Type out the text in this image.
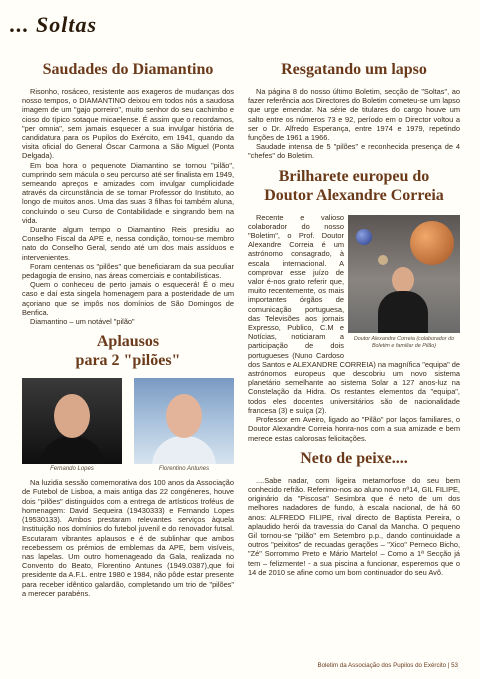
... Soltas
Saudades do Diamantino

Risonho, rosáceo, resistente aos exageros de mudanças dos nosso tempos, o DIAMANTINO deixou em todos nós a saudosa imagem de um "gajo porreiro", muito senhor do seu cachimbo e cioso do típico sotaque micaelense. É assim que o recordamos, "per omnia", sem jamais esquecer a sua invulgar história de candidatura para os Pupilos do Exército, em 1941, quando da visita oficial do General Óscar Carmona a São Miguel (Ponta Delgada).

Em boa hora o pequenote Diamantino se tornou "pilão", cumprindo sem mácula o seu percurso até ser finalista em 1949, semeando apreços e amizades com invulgar cumplicidade através da circunstância de se tornar Professor do Instituto, ao longo de muitos anos. Uma das suas 3 filhas foi também aluna, concluindo o seu Curso de Contabilidade e singrando bem na vida.

Durante algum tempo o Diamantino Reis presidiu ao Conselho Fiscal da APE e, nessa condição, tornou-se membro nato do Conselho Geral, sendo até um dos mais assíduos e intervenientes.

Foram centenas os "pilões" que beneficiaram da sua peculiar pedagogia de ensino, nas áreas comerciais e contabilísticas.

Quem o conheceu de perto jamais o esquecerá! É o meu caso e daí esta singela homenagem para a posteridade de um açoriano que se impôs nos domínios de São Domingos de Benfica.

Diamantino – um notável "pilão"

Aplausos
para 2 "pilões"
Fernando Lopes	Florentino Antunes

Na luzidia sessão comemorativa dos 100 anos da Associação de Futebol de Lisboa, a mais antiga das 22 congéneres, houve dois "pilões" distinguidos com a entrega de artísticos troféus de homenagem: David Sequeira (19430333) e Fernando Lopes (19530133). Ambos prestaram relevantes serviços àquela Instituição nos domínios do futebol juvenil e do renovador futsal. Escutaram vibrantes aplausos e é de sublinhar que ambos recebessem os prémios de emblemas da APE, bem visíveis, nas lapelas. Um outro homenageado da Gala, realizada no Convento do Beato, Florentino Antunes (1949.0387),que foi presidente da A.F.L. entre 1980 e 1984, não pôde estar presente para receber idêntico galardão, completando um trio de "pilões" a merecer parabéns.

Resgatando um lapso

Na página 8 do nosso último Boletim, secção de "Soltas", ao fazer referência aos Directores do Boletim cometeu-se um lapso que urge emendar. Na série de titulares do cargo houve um salto entre os números 73 e 92, período em o Director voltou a ser o Dr. Alfredo Esperança, entre 1974 e 1979, repetindo funções de 1961 a 1966.

Saudade intensa de 5 "pilões" e reconhecida presença de 4 "chefes" do Boletim.

Brilharete europeu do
Doutor Alexandre Correia
Doutor Alexandre Correia (colaborador do Boletim e familiar de Pilão)

Recente e valioso colaborador do nosso "Boletim", o Prof. Doutor Alexandre Correia é um astrónomo consagrado, à escala internacional. A comprovar esse juízo de valor é-nos grato referir que, muito recentemente, os mais importantes órgãos de comunicação portuguesa, das Televisões aos jornais Expresso, Publico, C.M e Notícias, noticiaram a participação de dois portugueses (Nuno Cardoso dos Santos e ALEXANDRE CORREIA) na magnífica "equipa" de astrónomos europeus que descobriu um novo sistema planetário semelhante ao sistema Solar a 127 anos-luz na Constelação da Hidra. Os restantes elementos da "equipa", todos eles docentes universitários são de nacionalidade francesa (3) e suíça (2).

Professor em Aveiro, ligado ao "Pilão" por laços familiares, o Doutor Alexandre Correia honra-nos com a sua amizade e bem merece estas calorosas felicitações.

Neto de peixe....

....Sabe nadar, com ligeira metamorfose do seu bem conhecido refrão. Referimo-nos ao aluno novo nº14, GIL FILIPE, originário da "Piscosa" Sesimbra que é neto de um dos melhores nadadores de fundo, à escala nacional, de há 60 anos: ALFREDO FILIPE, rival directo de Baptista Pereira, o aplaudido herói da travessia do Canal da Mancha. O pequeno Gil tornou-se "pilão" em Setembro p.p., dando continuidade a outros "peixitos" de recuadas gerações – "Xico" Perneco Bicho, "Zé" Sorrommo Preto e Mário Martelo! – Como a 1ª Secção já tem – felizmente! - a sua piscina a funcionar, esperemos que o 14 de 2010 se afine como um bom continuador do seu Avô.

Boletim da Associação dos Pupilos do Exército | 53
